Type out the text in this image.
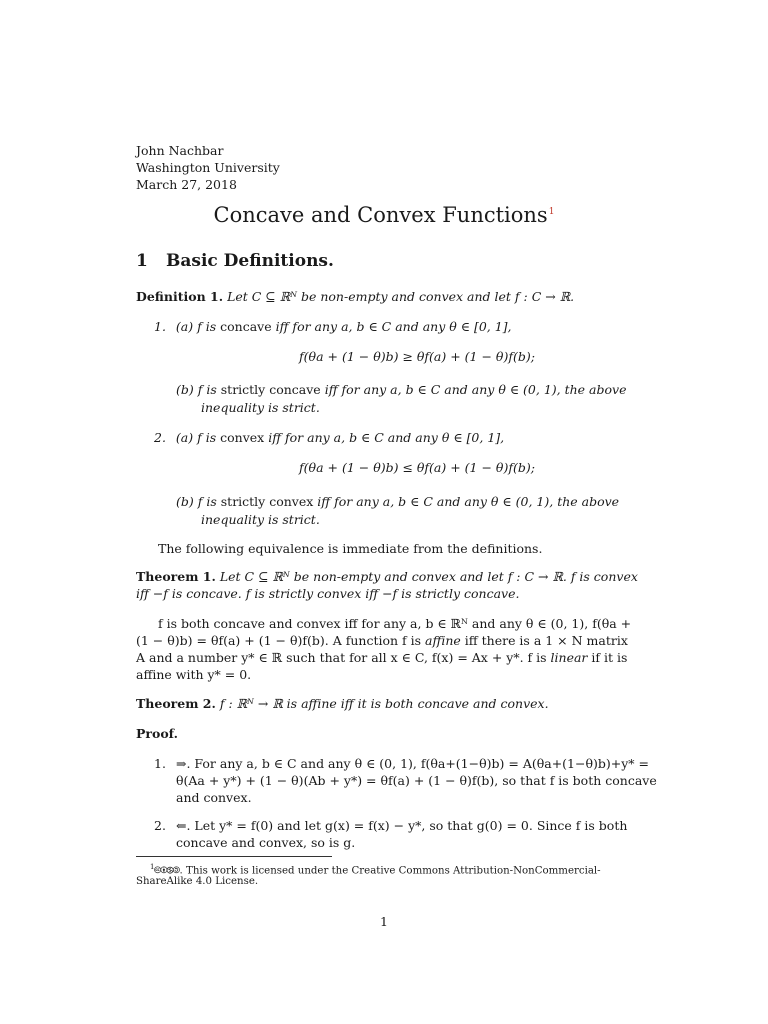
John Nachbar
Washington University
March 27, 2018
Concave and Convex Functions$^1$
1 Basic Definitions.
Definition 1. Let C ⊆ ℝᴺ be non-empty and convex and let f : C → ℝ.
1. (a) f is concave iff for any a, b ∈ C and any θ ∈ [0, 1],
f(θa + (1 − θ)b) ≥ θf(a) + (1 − θ)f(b);
(b) f is strictly concave iff for any a, b ∈ C and any θ ∈ (0, 1), the above
inequality is strict.
2. (a) f is convex iff for any a, b ∈ C and any θ ∈ [0, 1],
f(θa + (1 − θ)b) ≤ θf(a) + (1 − θ)f(b);
(b) f is strictly convex iff for any a, b ∈ C and any θ ∈ (0, 1), the above
inequality is strict.
The following equivalence is immediate from the definitions.
Theorem 1. Let C ⊆ ℝᴺ be non-empty and convex and let f : C → ℝ. f is convex
iff −f is concave. f is strictly convex iff −f is strictly concave.
f is both concave and convex iff for any a, b ∈ ℝᴺ and any θ ∈ (0, 1), f(θa +
(1 − θ)b) = θf(a) + (1 − θ)f(b). A function f is affine iff there is a 1 × N matrix
A and a number y* ∈ ℝ such that for all x ∈ C, f(x) = Ax + y*. f is linear if it is
affine with y* = 0.
Theorem 2. f : ℝᴺ → ℝ is affine iff it is both concave and convex.
Proof.
1. ⇒. For any a, b ∈ C and any θ ∈ (0, 1), f(θa+(1−θ)b) = A(θa+(1−θ)b)+y* =
θ(Aa + y*) + (1 − θ)(Ab + y*) = θf(a) + (1 − θ)f(b), so that f is both concave
and convex.
2. ⇐. Let y* = f(0) and let g(x) = f(x) − y*, so that g(0) = 0. Since f is both
concave and convex, so is g.
$^1$🅭🅯🄏🄎. This work is licensed under the Creative Commons Attribution-NonCommercial-
ShareAlike 4.0 License.
1
